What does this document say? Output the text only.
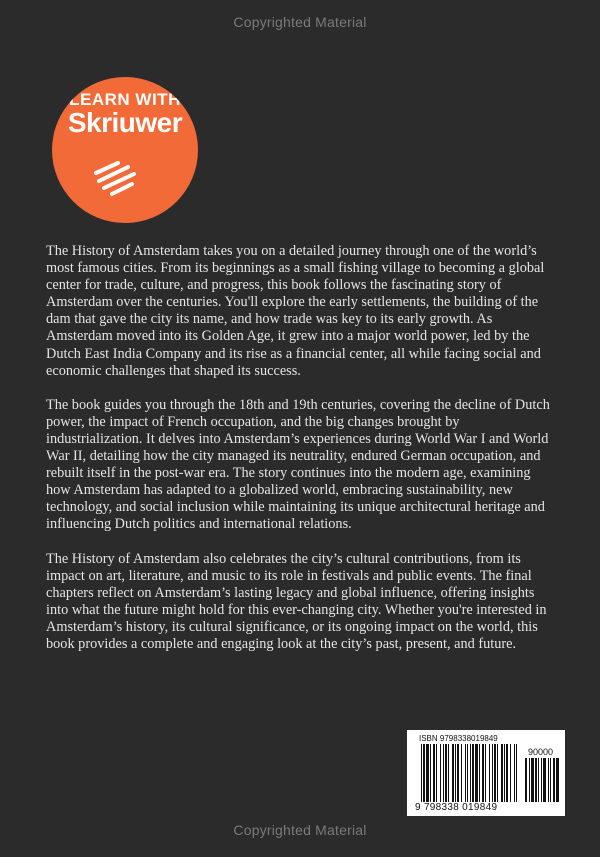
Copyrighted Material
LEARN WITH
Skriuwer

The History of Amsterdam takes you on a detailed journey through one of the world’s most famous cities. From its beginnings as a small fishing village to becoming a global center for trade, culture, and progress, this book follows the fascinating story of Amsterdam over the centuries. You'll explore the early settlements, the building of the dam that gave the city its name, and how trade was key to its early growth. As Amsterdam moved into its Golden Age, it grew into a major world power, led by the Dutch East India Company and its rise as a financial center, all while facing social and economic challenges that shaped its success.

The book guides you through the 18th and 19th centuries, covering the decline of Dutch power, the impact of French occupation, and the big changes brought by industrialization. It delves into Amsterdam’s experiences during World War I and World War II, detailing how the city managed its neutrality, endured German occupation, and rebuilt itself in the post-war era. The story continues into the modern age, examining how Amsterdam has adapted to a globalized world, embracing sustainability, new technology, and social inclusion while maintaining its unique architectural heritage and influencing Dutch politics and international relations.

The History of Amsterdam also celebrates the city’s cultural contributions, from its impact on art, literature, and music to its role in festivals and public events. The final chapters reflect on Amsterdam’s lasting legacy and global influence, offering insights into what the future might hold for this ever-changing city. Whether you're interested in Amsterdam’s history, its cultural significance, or its ongoing impact on the world, this book provides a complete and engaging look at the city’s past, present, and future.

ISBN 9798338019849
90000
9 798338 019849
Copyrighted Material
